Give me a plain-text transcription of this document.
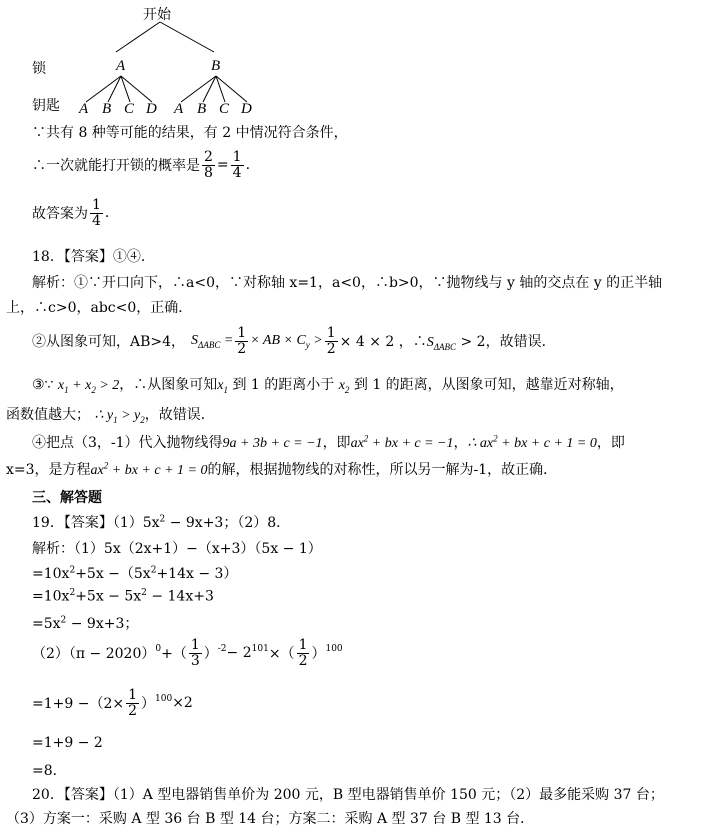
开始
锁
钥匙
A	B
A B C D A B C D
∵共有 8 种等可能的结果，有 2 中情况符合条件，
∴一次就能打开锁的概率是 $\frac{2}{8} = \frac{1}{4}$ .
故答案为 $\frac{1}{4}$ .
18．【答案】①④．
解析：①∵开口向下，∴a<0，∵对称轴 x=1，a<0，∴b>0，∵抛物线与 y 轴的交点在 y 的正半轴
上，∴c>0，abc<0，正确．
②从图象可知，AB>4， $S_{\Delta ABC} = \frac{1}{2}$ × AB × $C_y > \frac{1}{2} \times 4 \times 2$ ，$\therefore S_{\Delta ABC} > 2$ ，故错误．
③∵ $x_1 + x_2 > 2$，∴从图象可知$x_1$ 到 1 的距离小于 $x_2$ 到 1 的距离，从图象可知，越靠近对称轴，
函数值越大； ∴ $y_1 > y_2$，故错误．
④把点（3，-1）代入抛物线得9a + 3b + c = −1，即$ax^2$ + bx + c = −1，∴ $ax^2$ + bx + c + 1 = 0，即
x=3，是方程$ax^2$ + bx + c + 1 = 0的解，根据抛物线的对称性，所以另一解为-1，故正确．
三、解答题
19．【答案】$(1)5x^2 - 9x+3$；（2）8．
解析：（1）5x（2x+1）−（x+3）（5x − 1）
$=10x^2+5x -(5x^2+14x - 3)$
$=10x^2+5x - 5x^2 - 14x+3$
$=5x^2 - 9x+3$；
$(2)(\pi - 2020)^0$ +（ $\frac{1}{3} )^{-2} - 2^{101}$ ×（ $\frac{1}{2} )^{100}$
$=1+9 -(2\times \frac{1}{2} )^{100} \times 2$
=1+9 − 2
=8．
20．【答案】（1）A 型电器销售单价为 200 元，B 型电器销售单价 150 元；（2）最多能采购 37 台；
（3）方案一：采购 A 型 36 台 B 型 14 台；方案二：采购 A 型 37 台 B 型 13 台．
